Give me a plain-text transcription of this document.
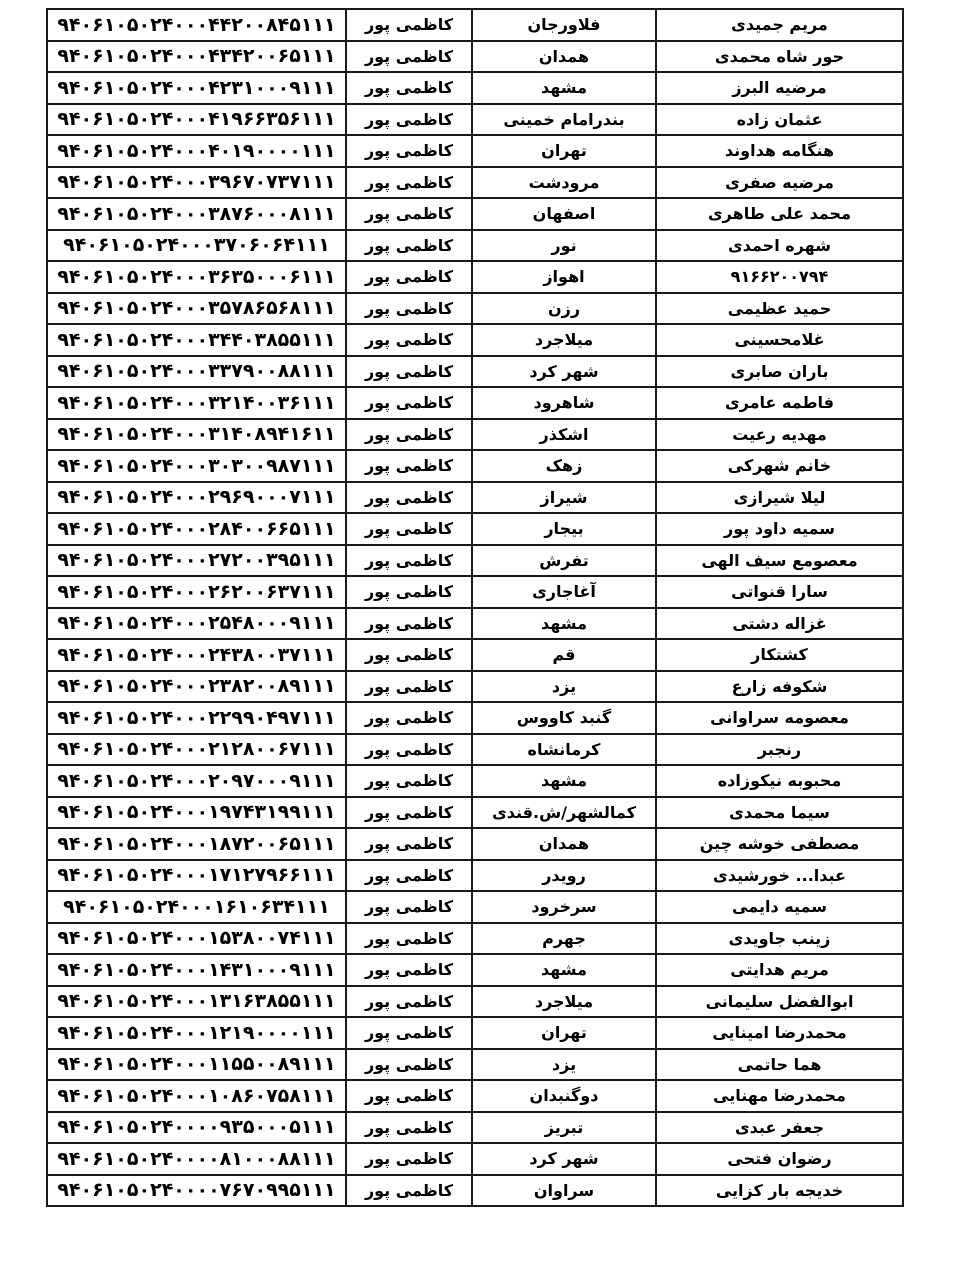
۹۴۰۶۱۰۵۰۲۴۰۰۰۴۴۲۰۰۸۴۵۱۱۱	کاظمی پور	فلاورجان	مریم جمیدی
۹۴۰۶۱۰۵۰۲۴۰۰۰۴۳۴۲۰۰۶۵۱۱۱	کاظمی پور	همدان	حور شاه محمدی
۹۴۰۶۱۰۵۰۲۴۰۰۰۴۲۳۱۰۰۰۹۱۱۱	کاظمی پور	مشهد	مرضیه البرز
۹۴۰۶۱۰۵۰۲۴۰۰۰۴۱۹۶۶۳۵۶۱۱۱	کاظمی پور	بندرامام خمینی	عثمان زاده
۹۴۰۶۱۰۵۰۲۴۰۰۰۴۰۱۹۰۰۰۰۱۱۱	کاظمی پور	تهران	هنگامه هداوند
۹۴۰۶۱۰۵۰۲۴۰۰۰۳۹۶۷۰۷۳۷۱۱۱	کاظمی پور	مرودشت	مرضیه صفری
۹۴۰۶۱۰۵۰۲۴۰۰۰۳۸۷۶۰۰۰۸۱۱۱	کاظمی پور	اصفهان	محمد علی طاهری
۹۴۰۶۱۰۵۰۲۴۰۰۰۳۷۰۶۰۶۴۱۱۱	کاظمی پور	نور	شهره احمدی
۹۴۰۶۱۰۵۰۲۴۰۰۰۳۶۳۵۰۰۰۶۱۱۱	کاظمی پور	اهواز	۹۱۶۶۲۰۰۷۹۴
۹۴۰۶۱۰۵۰۲۴۰۰۰۳۵۷۸۶۵۶۸۱۱۱	کاظمی پور	رزن	حمید عظیمی
۹۴۰۶۱۰۵۰۲۴۰۰۰۳۴۴۰۳۸۵۵۱۱۱	کاظمی پور	میلاجرد	غلامحسینی
۹۴۰۶۱۰۵۰۲۴۰۰۰۳۳۷۹۰۰۸۸۱۱۱	کاظمی پور	شهر کرد	باران صابری
۹۴۰۶۱۰۵۰۲۴۰۰۰۳۲۱۴۰۰۳۶۱۱۱	کاظمی پور	شاهرود	فاطمه عامری
۹۴۰۶۱۰۵۰۲۴۰۰۰۳۱۴۰۸۹۴۱۶۱۱	کاظمی پور	اشکذر	مهدیه رعیت
۹۴۰۶۱۰۵۰۲۴۰۰۰۳۰۳۰۰۹۸۷۱۱۱	کاظمی پور	زهک	خانم شهرکی
۹۴۰۶۱۰۵۰۲۴۰۰۰۲۹۶۹۰۰۰۷۱۱۱	کاظمی پور	شیراز	لیلا شیرازی
۹۴۰۶۱۰۵۰۲۴۰۰۰۲۸۴۰۰۶۶۵۱۱۱	کاظمی پور	بیجار	سمیه داود پور
۹۴۰۶۱۰۵۰۲۴۰۰۰۲۷۲۰۰۳۹۵۱۱۱	کاظمی پور	تفرش	معصومع سیف الهی
۹۴۰۶۱۰۵۰۲۴۰۰۰۲۶۲۰۰۶۳۷۱۱۱	کاظمی پور	آغاجاری	سارا قنواتی
۹۴۰۶۱۰۵۰۲۴۰۰۰۲۵۴۸۰۰۰۹۱۱۱	کاظمی پور	مشهد	غزاله دشتی
۹۴۰۶۱۰۵۰۲۴۰۰۰۲۴۳۸۰۰۳۷۱۱۱	کاظمی پور	قم	کشتکار
۹۴۰۶۱۰۵۰۲۴۰۰۰۲۳۸۲۰۰۸۹۱۱۱	کاظمی پور	یزد	شکوفه زارع
۹۴۰۶۱۰۵۰۲۴۰۰۰۲۲۹۹۰۴۹۷۱۱۱	کاظمی پور	گنبد کاووس	معصومه سراوانی
۹۴۰۶۱۰۵۰۲۴۰۰۰۲۱۲۸۰۰۶۷۱۱۱	کاظمی پور	کرمانشاه	رنجبر
۹۴۰۶۱۰۵۰۲۴۰۰۰۲۰۹۷۰۰۰۹۱۱۱	کاظمی پور	مشهد	محبوبه نیکوزاده
۹۴۰۶۱۰۵۰۲۴۰۰۰۱۹۷۴۳۱۹۹۱۱۱	کاظمی پور	کمالشهر/ش.قندی	سیما محمدی
۹۴۰۶۱۰۵۰۲۴۰۰۰۱۸۷۲۰۰۶۵۱۱۱	کاظمی پور	همدان	مصطفی خوشه چین
۹۴۰۶۱۰۵۰۲۴۰۰۰۱۷۱۲۷۹۶۶۱۱۱	کاظمی پور	رویدر	عبدا... خورشیدی
۹۴۰۶۱۰۵۰۲۴۰۰۰۱۶۱۰۶۳۴۱۱۱	کاظمی پور	سرخرود	سمیه دایمی
۹۴۰۶۱۰۵۰۲۴۰۰۰۱۵۳۸۰۰۷۴۱۱۱	کاظمی پور	جهرم	زینب جاویدی
۹۴۰۶۱۰۵۰۲۴۰۰۰۱۴۳۱۰۰۰۹۱۱۱	کاظمی پور	مشهد	مریم هدایتی
۹۴۰۶۱۰۵۰۲۴۰۰۰۱۳۱۶۳۸۵۵۱۱۱	کاظمی پور	میلاجرد	ابوالفضل سلیمانی
۹۴۰۶۱۰۵۰۲۴۰۰۰۱۲۱۹۰۰۰۰۱۱۱	کاظمی پور	تهران	محمدرضا امینایی
۹۴۰۶۱۰۵۰۲۴۰۰۰۱۱۵۵۰۰۸۹۱۱۱	کاظمی پور	یزد	هما حاتمی
۹۴۰۶۱۰۵۰۲۴۰۰۰۱۰۸۶۰۷۵۸۱۱۱	کاظمی پور	دوگنبدان	محمدرضا مهنایی
۹۴۰۶۱۰۵۰۲۴۰۰۰۰۹۳۵۰۰۰۵۱۱۱	کاظمی پور	تبریز	جعفر عبدی
۹۴۰۶۱۰۵۰۲۴۰۰۰۰۸۱۰۰۰۸۸۱۱۱	کاظمی پور	شهر کرد	رضوان فتحی
۹۴۰۶۱۰۵۰۲۴۰۰۰۰۷۶۷۰۹۹۵۱۱۱	کاظمی پور	سراوان	خدیجه بار کزایی
